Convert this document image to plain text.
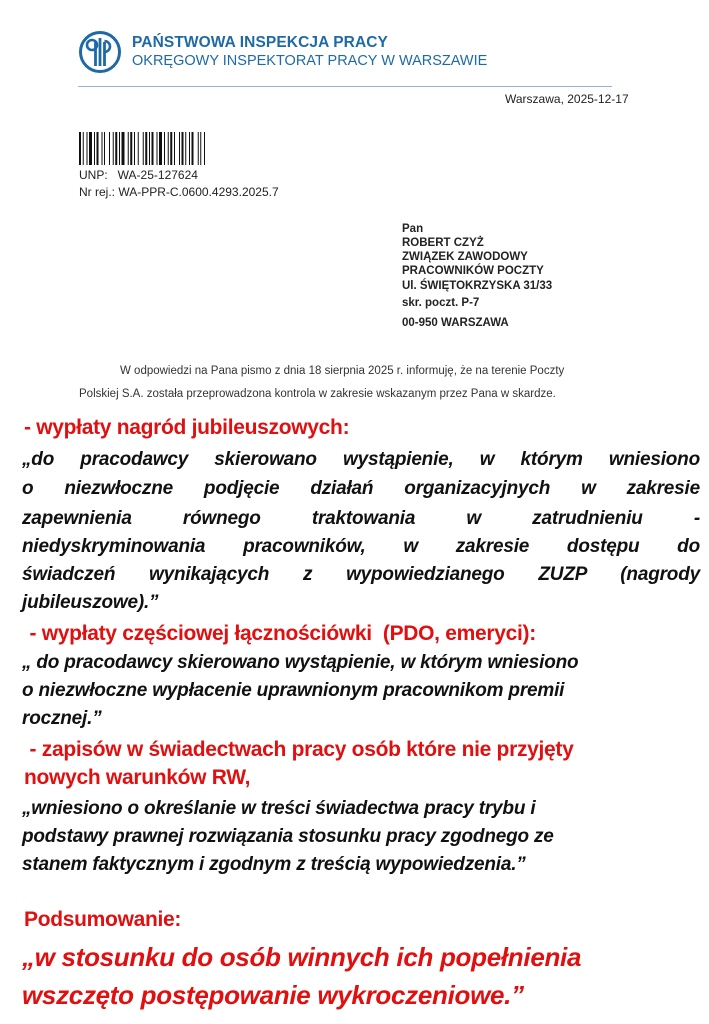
PAŃSTWOWA INSPEKCJA PRACY
OKRĘGOWY INSPEKTORAT PRACY W WARSZAWIE
Warszawa, 2025-12-17
UNP:   WA-25-127624
Nr rej.: WA-PPR-C.0600.4293.2025.7
Pan
ROBERT CZYŻ
ZWIĄZEK ZAWODOWY
PRACOWNIKÓW POCZTY
Ul. ŚWIĘTOKRZYSKA 31/33
skr. poczt. P-7
00-950 WARSZAWA
W odpowiedzi na Pana pismo z dnia 18 sierpnia 2025 r. informuję, że na terenie Poczty
Polskiej S.A. została przeprowadzona kontrola w zakresie wskazanym przez Pana w skardze.
- wypłaty nagród jubileuszowych:
„do pracodawcy skierowano wystąpienie, w którym wniesiono
o niezwłoczne podjęcie działań organizacyjnych w zakresie
zapewnienia równego traktowania w zatrudnieniu -
niedyskryminowania pracowników, w zakresie dostępu do
świadczeń wynikających z wypowiedzianego ZUZP (nagrody
jubileuszowe).”
- wypłaty częściowej łącznościówki  (PDO, emeryci):
„ do pracodawcy skierowano wystąpienie, w którym wniesiono
o niezwłoczne wypłacenie uprawnionym pracownikom premii
rocznej.”
- zapisów w świadectwach pracy osób które nie przyjęty
nowych warunków RW,
„wniesiono o określanie w treści świadectwa pracy trybu i
podstawy prawnej rozwiązania stosunku pracy zgodnego ze
stanem faktycznym i zgodnym z treścią wypowiedzenia.”
Podsumowanie:
„w stosunku do osób winnych ich popełnienia
wszczęto postępowanie wykroczeniowe.”
